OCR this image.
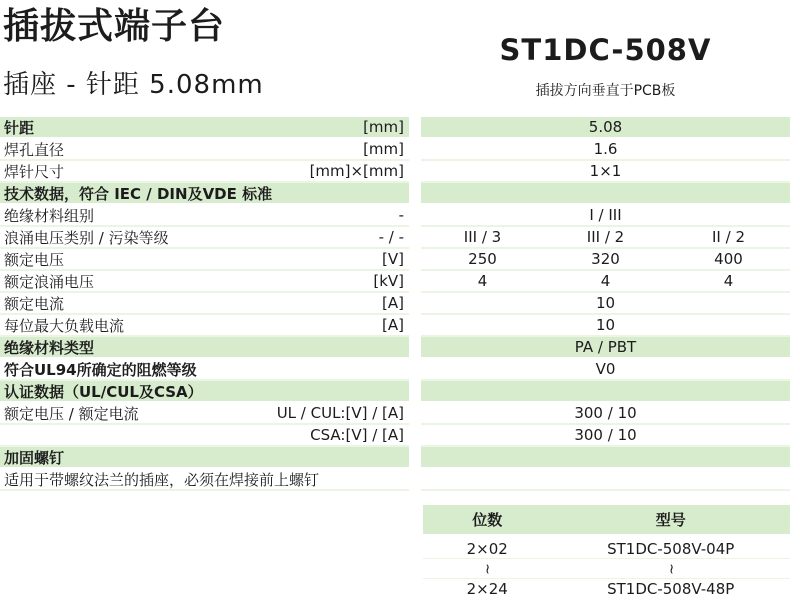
插拔式端子台
插座 - 针距 5.08mm
ST1DC-508V
插拔方向垂直于PCB板
针距	[mm]	5.08
焊孔直径	[mm]	1.6
焊针尺寸	[mm]×[mm]	1×1
技术数据，符合 IEC / DIN及VDE 标准
绝缘材料组别	-	I / III
浪涌电压类别 / 污染等级	- / -	III / 3	III / 2	II / 2
额定电压	[V]	250	320	400
额定浪涌电压	[kV]	4	4	4
额定电流	[A]	10
每位最大负载电流	[A]	10
绝缘材料类型	PA / PBT
符合UL94所确定的阻燃等级	V0
认证数据（UL/CUL及CSA）
额定电压 / 额定电流	UL / CUL:[V] / [A]	300 / 10
CSA:[V] / [A]	300 / 10
加固螺钉
适用于带螺纹法兰的插座，必须在焊接前上螺钉
位数	型号
2×02	ST1DC-508V-04P
~	~
2×24	ST1DC-508V-48P
